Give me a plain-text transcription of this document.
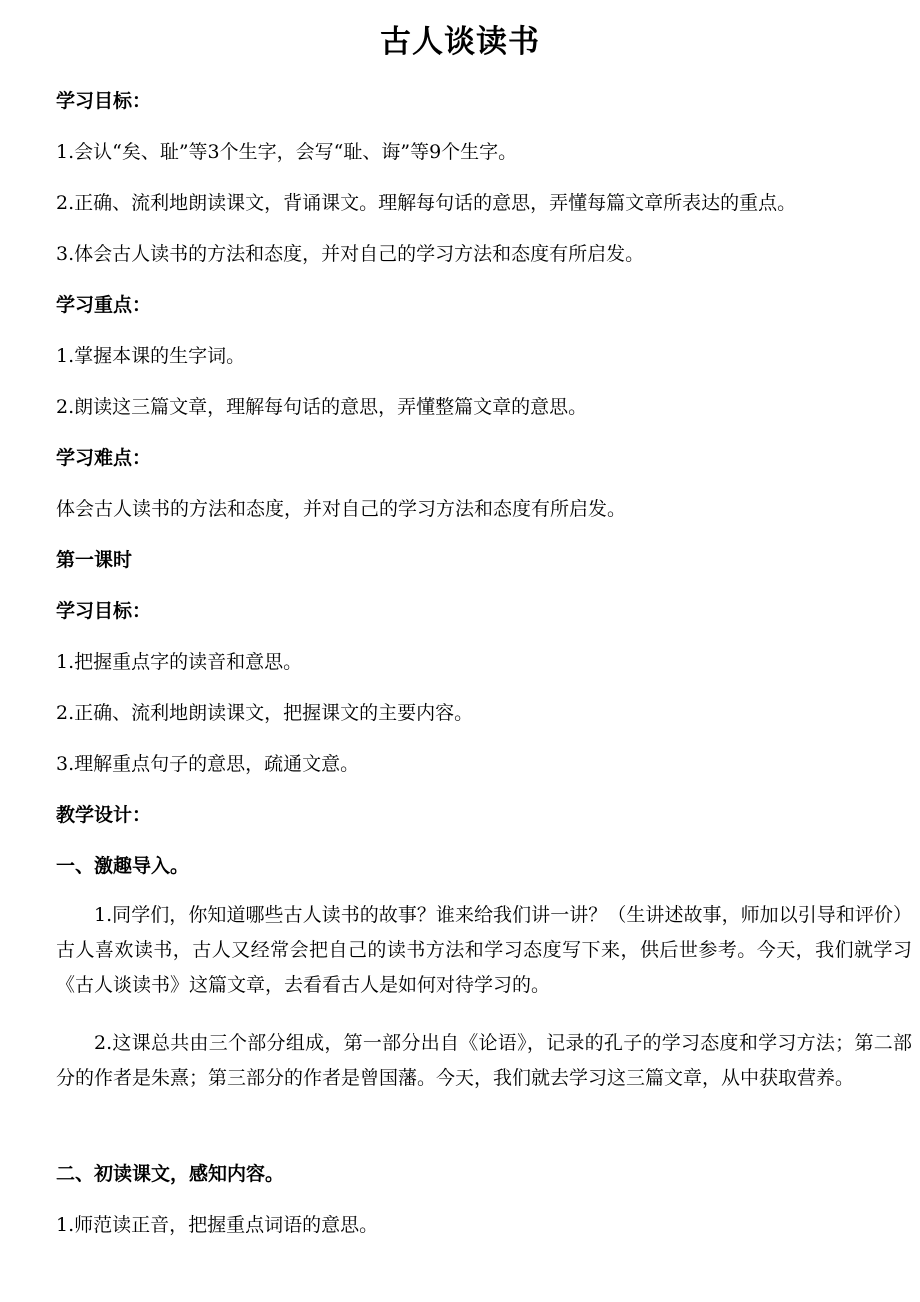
古人谈读书
学习目标：
1.会认“矣、耻”等3个生字，会写“耻、诲”等9个生字。
2.正确、流利地朗读课文，背诵课文。理解每句话的意思，弄懂每篇文章所表达的重点。
3.体会古人读书的方法和态度，并对自己的学习方法和态度有所启发。
学习重点：
1.掌握本课的生字词。
2.朗读这三篇文章，理解每句话的意思，弄懂整篇文章的意思。
学习难点：
体会古人读书的方法和态度，并对自己的学习方法和态度有所启发。
第一课时
学习目标：
1.把握重点字的读音和意思。
2.正确、流利地朗读课文，把握课文的主要内容。
3.理解重点句子的意思，疏通文意。
教学设计：
一、激趣导入。
1.同学们，你知道哪些古人读书的故事？谁来给我们讲一讲？（生讲述故事，师加以引导和评价）古人喜欢读书，古人又经常会把自己的读书方法和学习态度写下来，供后世参考。今天，我们就学习《古人谈读书》这篇文章，去看看古人是如何对待学习的。
2.这课总共由三个部分组成，第一部分出自《论语》，记录的孔子的学习态度和学习方法；第二部分的作者是朱熹；第三部分的作者是曾国藩。今天，我们就去学习这三篇文章，从中获取营养。
二、初读课文，感知内容。
1.师范读正音，把握重点词语的意思。
